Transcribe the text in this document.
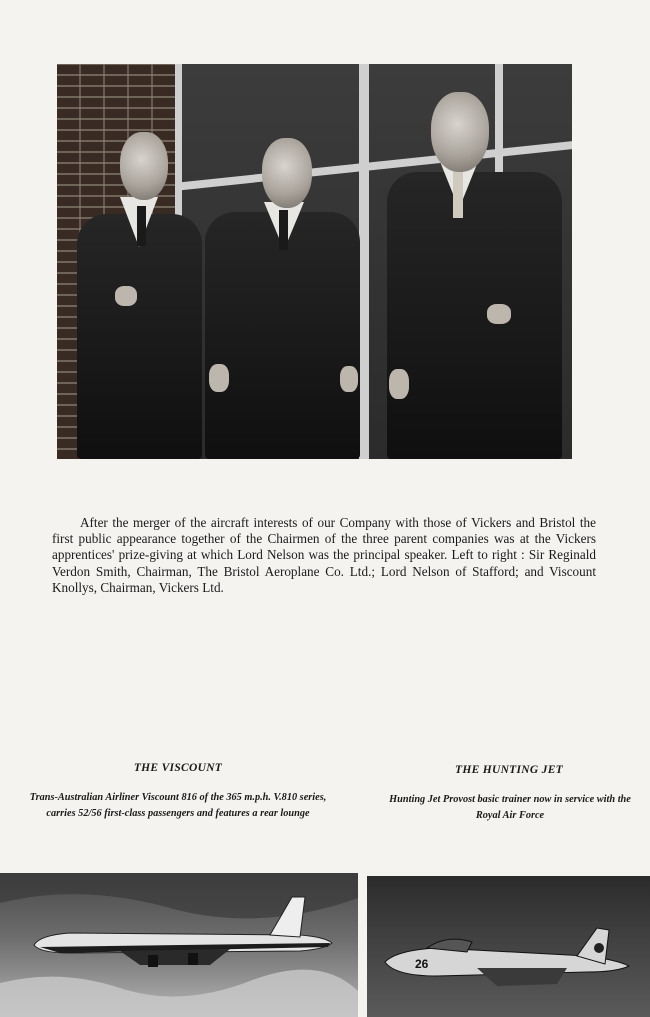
After the merger of the aircraft interests of our Company with those of Vickers and Bristol the first public appearance together of the Chairmen of the three parent companies was at the Vickers apprentices' prize-giving at which Lord Nelson was the principal speaker. Left to right : Sir Reginald Verdon Smith, Chairman, The Bristol Aeroplane Co. Ltd.; Lord Nelson of Stafford; and Viscount Knollys, Chairman, Vickers Ltd.

THE VISCOUNT

Trans-Australian Airliner Viscount 816 of the 365 m.p.h. V.810 series, carries 52/56 first-class passengers and features a rear lounge

THE HUNTING JET

Hunting Jet Provost basic trainer now in service with the Royal Air Force

26
